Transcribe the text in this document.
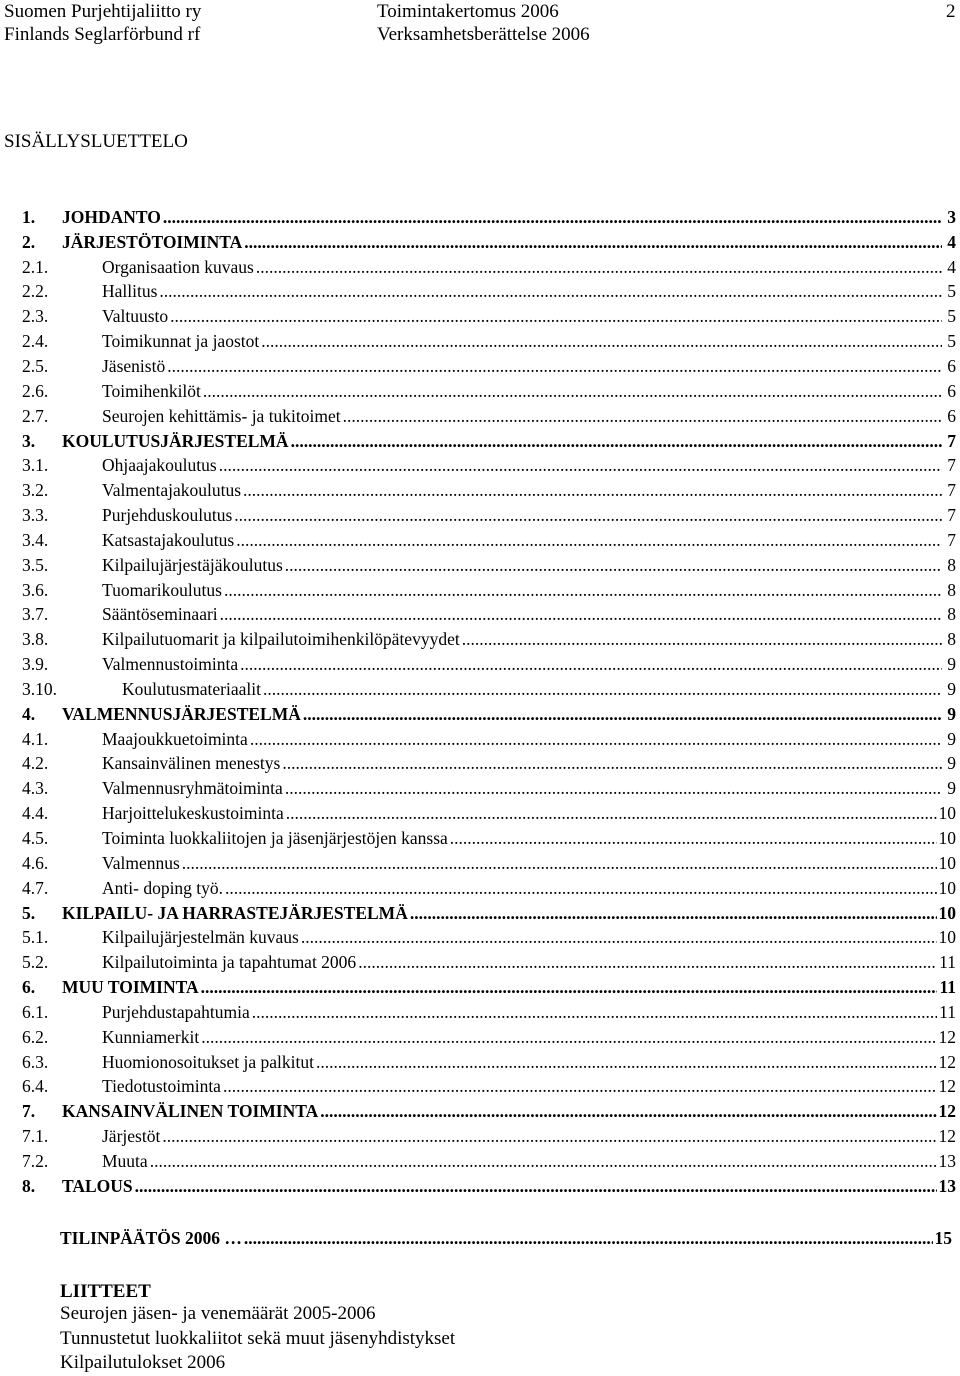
Suomen Purjehtijaliitto ry
Finlands Seglarförbund rf
Toimintakertomus 2006
Verksamhetsberättelse 2006
2
SISÄLLYSLUETTELO
1. JOHDANTO .....	3
2. JÄRJESTÖTOIMINTA .....	4
2.1.	Organisaation kuvaus .....	4
2.2.	Hallitus .....	5
2.3.	Valtuusto .....	5
2.4.	Toimikunnat ja jaostot .....	5
2.5.	Jäsenistö .....	6
2.6.	Toimihenkilöt .....	6
2.7.	Seurojen kehittämis- ja tukitoimet .....	6
3. KOULUTUSJÄRJESTELMÄ .....	7
3.1.	Ohjaajakoulutus .....	7
3.2.	Valmentajakoulutus .....	7
3.3.	Purjehduskoulutus .....	7
3.4.	Katsastajakoulutus .....	7
3.5.	Kilpailujärjestäjäkoulutus .....	8
3.6.	Tuomarikoulutus .....	8
3.7.	Sääntöseminaari .....	8
3.8.	Kilpailutuomarit ja kilpailutoimihenkilöpätevyydet .....	8
3.9.	Valmennustoiminta .....	9
3.10.	Koulutusmateriaalit .....	9
4. VALMENNUSJÄRJESTELMÄ .....	9
4.1.	Maajoukkuetoiminta .....	9
4.2.	Kansainvälinen menestys .....	9
4.3.	Valmennusryhmätoiminta .....	9
4.4.	Harjoittelukeskustoiminta .....	10
4.5.	Toiminta luokkaliitojen ja jäsenjärjestöjen kanssa .....	10
4.6.	Valmennus .....	10
4.7.	Anti- doping työ. .....	10
5. KILPAILU- JA HARRASTEJÄRJESTELMÄ .....	10
5.1.	Kilpailujärjestelmän kuvaus .....	10
5.2.	Kilpailutoiminta ja tapahtumat 2006 .....	11
6. MUU TOIMINTA .....	11
6.1.	Purjehdustapahtumia .....	11
6.2.	Kunniamerkit .....	12
6.3.	Huomionosoitukset ja palkitut .....	12
6.4.	Tiedotustoiminta .....	12
7. KANSAINVÄLINEN TOIMINTA .....	12
7.1.	Järjestöt .....	12
7.2.	Muuta .....	13
8. TALOUS .....	13
TILINPÄÄTÖS 2006 … .....	15
LIITTEET
Seurojen jäsen- ja venemäärät 2005-2006
Tunnustetut luokkaliitot sekä muut jäsenyhdistykset
Kilpailutulokset 2006
